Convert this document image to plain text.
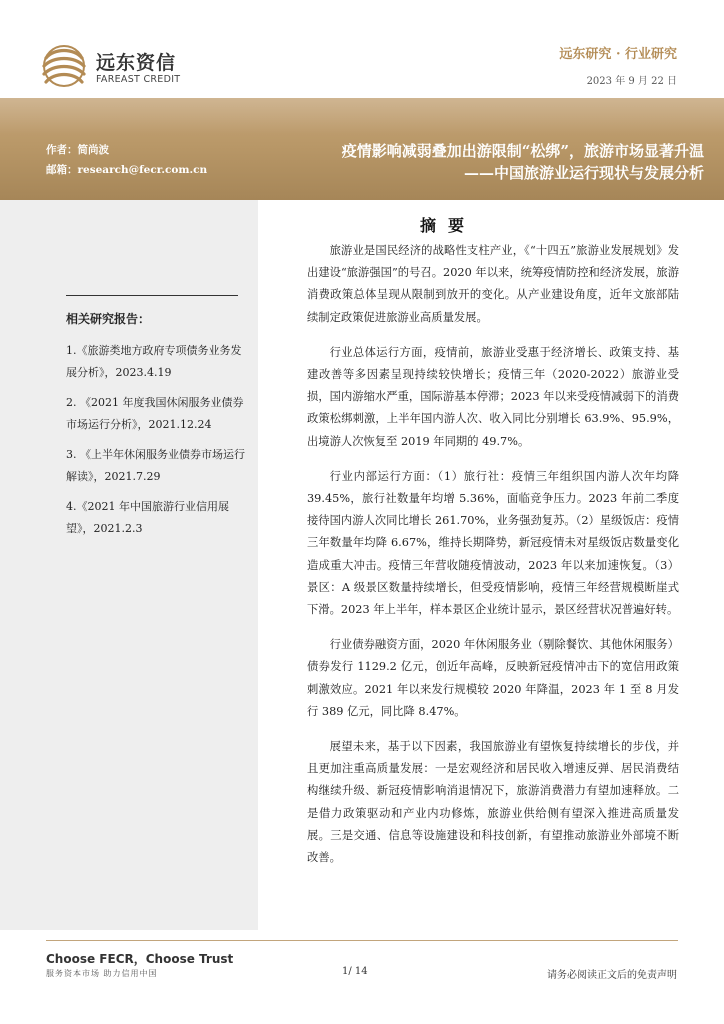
远东资信
FAREAST CREDIT
远东研究 · 行业研究
2023 年 9 月 22 日
作者：简尚波
邮箱：research@fecr.com.cn
疫情影响减弱叠加出游限制“松绑”，旅游市场显著升温
——中国旅游业运行现状与发展分析
相关研究报告：
1.《旅游类地方政府专项债务业务发展分析》，2023.4.19
2. 《2021 年度我国休闲服务业债券市场运行分析》，2021.12.24
3. 《上半年休闲服务业债券市场运行解读》，2021.7.29
4.《2021 年中国旅游行业信用展望》，2021.2.3
摘要

旅游业是国民经济的战略性支柱产业，《“十四五”旅游业发展规划》发出建设“旅游强国”的号召。2020 年以来，统筹疫情防控和经济发展，旅游消费政策总体呈现从限制到放开的变化。从产业建设角度，近年文旅部陆续制定政策促进旅游业高质量发展。

行业总体运行方面，疫情前，旅游业受惠于经济增长、政策支持、基建改善等多因素呈现持续较快增长；疫情三年（2020-2022）旅游业受损，国内游缩水严重，国际游基本停滞；2023 年以来受疫情减弱下的消费政策松绑刺激，上半年国内游人次、收入同比分别增长 63.9%、95.9%，出境游人次恢复至 2019 年同期的 49.7%。

行业内部运行方面：（1）旅行社：疫情三年组织国内游人次年均降 39.45%，旅行社数量年均增 5.36%，面临竞争压力。2023 年前二季度接待国内游人次同比增长 261.70%，业务强劲复苏。（2）星级饭店：疫情三年数量年均降 6.67%，维持长期降势，新冠疫情未对星级饭店数量变化造成重大冲击。疫情三年营收随疫情波动，2023 年以来加速恢复。（3）景区：A 级景区数量持续增长，但受疫情影响，疫情三年经营规模断崖式下滑。2023 年上半年，样本景区企业统计显示，景区经营状况普遍好转。

行业债券融资方面，2020 年休闲服务业（剔除餐饮、其他休闲服务）债券发行 1129.2 亿元，创近年高峰，反映新冠疫情冲击下的宽信用政策刺激效应。2021 年以来发行规模较 2020 年降温，2023 年 1 至 8 月发行 389 亿元，同比降 8.47%。

展望未来，基于以下因素，我国旅游业有望恢复持续增长的步伐，并且更加注重高质量发展：一是宏观经济和居民收入增速反弹、居民消费结构继续升级、新冠疫情影响消退情况下，旅游消费潜力有望加速释放。二是借力政策驱动和产业内功修炼，旅游业供给侧有望深入推进高质量发展。三是交通、信息等设施建设和科技创新，有望推动旅游业外部境不断改善。

Choose FECR，Choose Trust
服务资本市场 助力信用中国	1/ 14	请务必阅读正文后的免责声明
